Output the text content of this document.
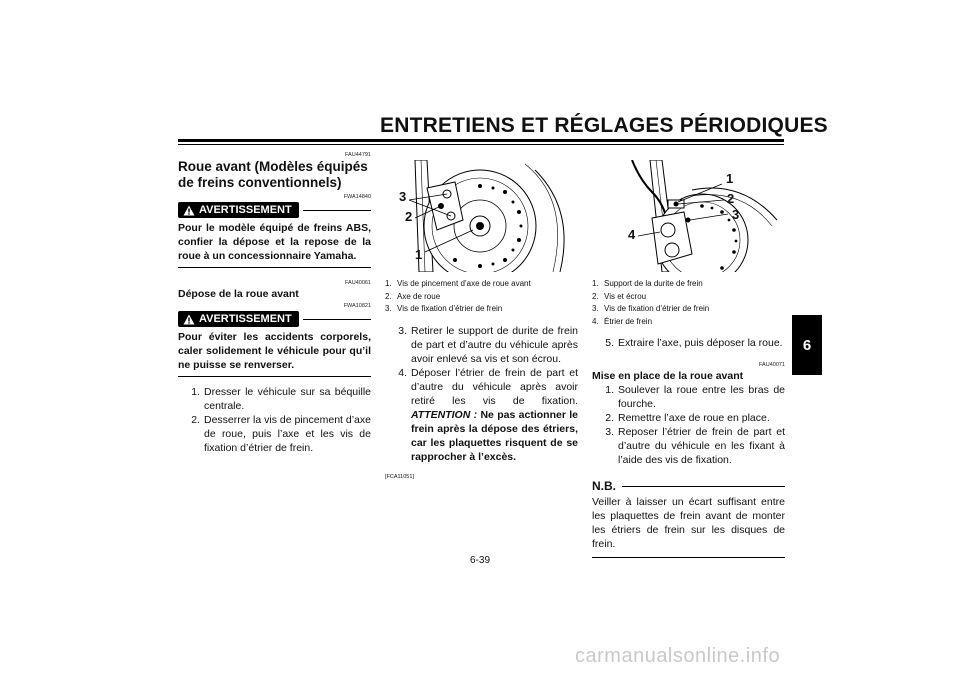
ENTRETIENS ET RÉGLAGES PÉRIODIQUES
6
FAU44791
Roue avant (Modèles équipés de freins conventionnels)
FWA14840
AVERTISSEMENT
Pour le modèle équipé de freins ABS, confier la dépose et la repose de la roue à un concessionnaire Yamaha.
FAU40061
Dépose de la roue avant
FWA10821
AVERTISSEMENT
Pour éviter les accidents corporels, caler solidement le véhicule pour qu’il ne puisse se renverser.
1. Dresser le véhicule sur sa béquille centrale.
2. Desserrer la vis de pincement d’axe de roue, puis l’axe et les vis de fixation d’étrier de frein.
3
2
1
1. Vis de pincement d’axe de roue avant
2. Axe de roue
3. Vis de fixation d’étrier de frein
3. Retirer le support de durite de frein de part et d’autre du véhicule après avoir enlevé sa vis et son écrou.
4. Déposer l’étrier de frein de part et d’autre du véhicule après avoir retiré les vis de fixation. ATTENTION : Ne pas actionner le frein après la dépose des étriers, car les plaquettes risquent de se rapprocher à l’excès.
[FCA11051]
1
2
3
4
1. Support de la durite de frein
2. Vis et écrou
3. Vis de fixation d’étrier de frein
4. Étrier de frein
5. Extraire l’axe, puis déposer la roue.
FAU40071
Mise en place de la roue avant
1. Soulever la roue entre les bras de fourche.
2. Remettre l’axe de roue en place.
3. Reposer l’étrier de frein de part et d’autre du véhicule en les fixant à l’aide des vis de fixation.
N.B.
Veiller à laisser un écart suffisant entre les plaquettes de frein avant de monter les étriers de frein sur les disques de frein.
6-39
carmanualsonline.info
